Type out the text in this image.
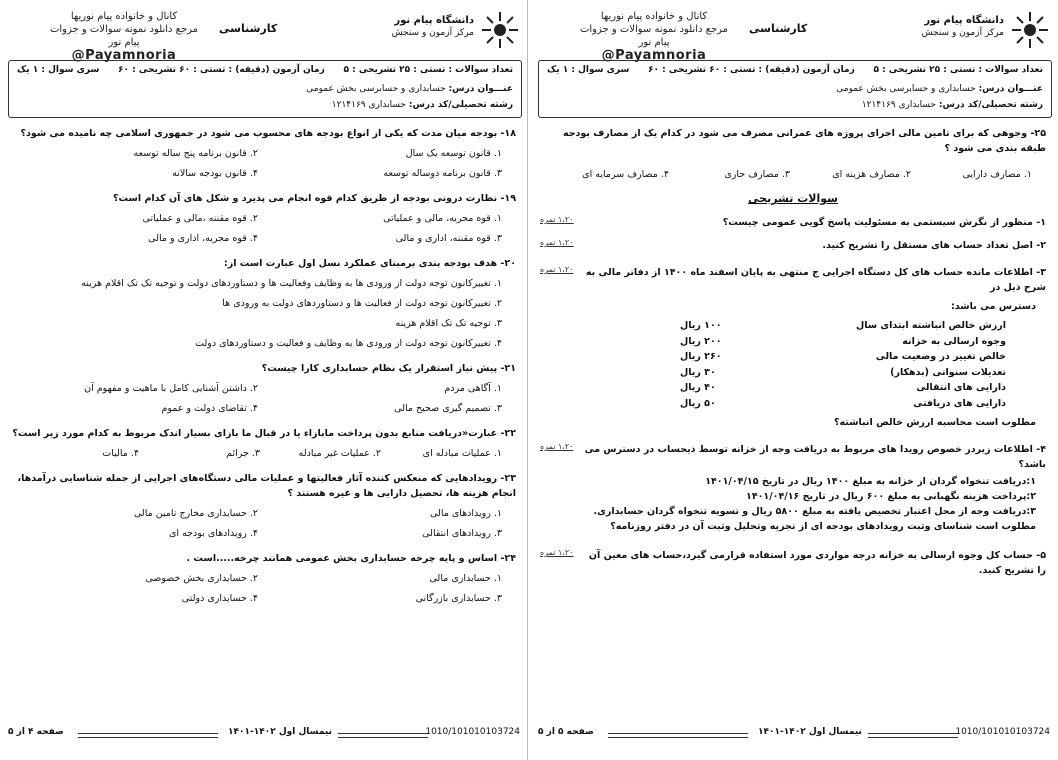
دانشگاه پیام نور
مرکز آزمون و سنجش
کارشناسی
کانال و خانواده پیام نوریها
مرجع دانلود نمونه سوالات و جزوات پیام نور
@Payamnoria
تعداد سوالات : تستی : ۲۵ تشریحی : ۵
زمان آزمون (دقیقه) : تستی : ۶۰ تشریحی : ۶۰
سری سوال : ۱ یک
عنـــوان درس: حسابداری و حسابرسی بخش عمومی
رشته تحصیلی/کد درس: حسابداری ۱۲۱۴۱۶۹
۱۸- بودجه میان مدت که یکی از انواع بودجه های محسوب می شود در جمهوری اسلامی چه نامیده می شود؟
۱. قانون توسعه یک سال
۲. قانون برنامه پنج ساله توسعه
۳. قانون برنامه دوساله توسعه
۴. قانون بودجه سالانه
۱۹- نظارت درونی بودجه از طریق کدام قوه انجام می پذیرد و شکل های آن کدام است؟
۱. قوه مجریه، مالی و عملیاتی
۲. قوه مقننه ،مالی و عملیاتی
۳. قوه مقننه، اداری و مالی
۴. قوه مجریه، اداری و مالی
۲۰- هدف بودجه بندی برمبنای عملکرد نسل اول عبارت است از:
۱. تغییرکانون توجه دولت از ورودی ها به وظایف وفعالیت ها و دستاوردهای دولت و توجیه تک تک اقلام هزینه
۲. تغییرکانون توجه دولت از فعالیت ها و دستاوردهای دولت به ورودی ها
۳. توجیه تک تک اقلام هزینه
۴. تغییرکانون توجه دولت از ورودی ها به وظایف و فعالیت و دستاوردهای دولت
۲۱- پیش نیاز استقرار یک نظام حسابداری کارا چیست؟
۱. آگاهی مردم
۲. داشتن آشنایی کامل با ماهیت و مفهوم آن
۳. تصمیم گیری صحیح مالی
۴. تقاضای دولت و عموم
۲۲- عبارت«دریافت منابع بدون پرداخت مابازاء یا در قبال ما بازای بسیار اندک مربوط به کدام مورد زیر است؟
۱. عملیات مبادله ای
۲. عملیات غیر مبادله
۳. جرائم
۴. مالیات
۲۳- رویدادهایی که منعکس کننده آثار فعالیتها و عملیات مالی دستگاه‌های اجرایی از جمله شناسایی درآمدها، انجام هزینه ها، تحصیل دارایی ها و غیره هستند ؟
۱. رویدادهای مالی
۲. حسابداری مخارج تامین مالی
۳. رویدادهای انتقالی
۴. رویدادهای بودجه ای
۲۴- اساس و پایه چرخه حسابداری بخش عمومی همانند چرخه.....است .
۱. حسابداری مالی
۲. حسابداری بخش خصوصی
۳. حسابداری بازرگانی
۴. حسابداری دولتی
صفحه ۴ از ۵	نیمسال اول ۱۴۰۲-۱۴۰۱	1010/101010103724
دانشگاه پیام نور
مرکز آزمون و سنجش
کارشناسی
کانال و خانواده پیام نوریها
مرجع دانلود نمونه سوالات و جزوات پیام نور
@Payamnoria
تعداد سوالات : تستی : ۲۵ تشریحی : ۵
زمان آزمون (دقیقه) : تستی : ۶۰ تشریحی : ۶۰
سری سوال : ۱ یک
عنـــوان درس: حسابداری و حسابرسی بخش عمومی
رشته تحصیلی/کد درس: حسابداری ۱۲۱۴۱۶۹
۲۵- وجوهی که برای تامین مالی اجرای پروژه های عمرانی مصرف می شود در کدام یک از مصارف بودجه طبقه بندی می شود ؟
۱. مصارف دارایی
۲. مصارف هزینه ای
۳. مصارف جاری
۴. مصارف سرمایه ای
سوالات تشریحی
۱- منظور از نگرش سیستمی به مسئولیت پاسخ گویی عمومی چیست؟
۱،۲۰ نمره
۲- اصل تعداد حساب های مستقل را تشریح کنید.
۱،۲۰ نمره
۳- اطلاعات مانده حساب های کل دستگاه اجرایی ج منتهی به پایان اسفند ماه ۱۴۰۰ از دفاتر مالی به شرح ذیل در
۱،۲۰ نمره
دسترس می باشد:
ارزش خالص انباشته ابتدای سال
۱۰۰ ریال
وجوه ارسالی به خزانه
۲۰۰ ریال
خالص تغییر در وضعیت مالی
۲۶۰ ریال
تعدیلات سنواتی (بدهکار)
۳۰ ریال
دارایی های انتقالی
۴۰ ریال
دارایی های دریافتی
۵۰ ریال
مطلوب است محاسبه ارزش خالص انباشته؟
۴- اطلاعات زیردر خصوص رویدا های مربوط به دریافت وجه از خزانه توسط ذیحساب در دسترس می باشد؟
۱،۲۰ نمره
۱:دریافت تنخواه گردان از خزانه به مبلغ ۱۴۰۰ ریال در تاریخ ۱۴۰۱/۰۴/۱۵
۲:پرداخت هزینه نگهبانی به مبلغ ۶۰۰ ریال در تاریخ ۱۴۰۱/۰۴/۱۶
۳:دریافت وجه از محل اعتبار تخصیص یافته به مبلغ ۵۸۰۰ ریال و تسویه تنخواه گردان حسابداری.
مطلوب است شناسای وثبت رویدادهای بودجه ای از تجزیه وتحلیل وثبت آن در دفتر روزنامه؟
۵- حساب کل وجوه ارسالی به خزانه درجه مواردی مورد استفاده قرارمی گیرد،حساب های معین آن را تشریح کنید.
۱،۲۰ نمره
صفحه ۵ از ۵	نیمسال اول ۱۴۰۲-۱۴۰۱	1010/101010103724
